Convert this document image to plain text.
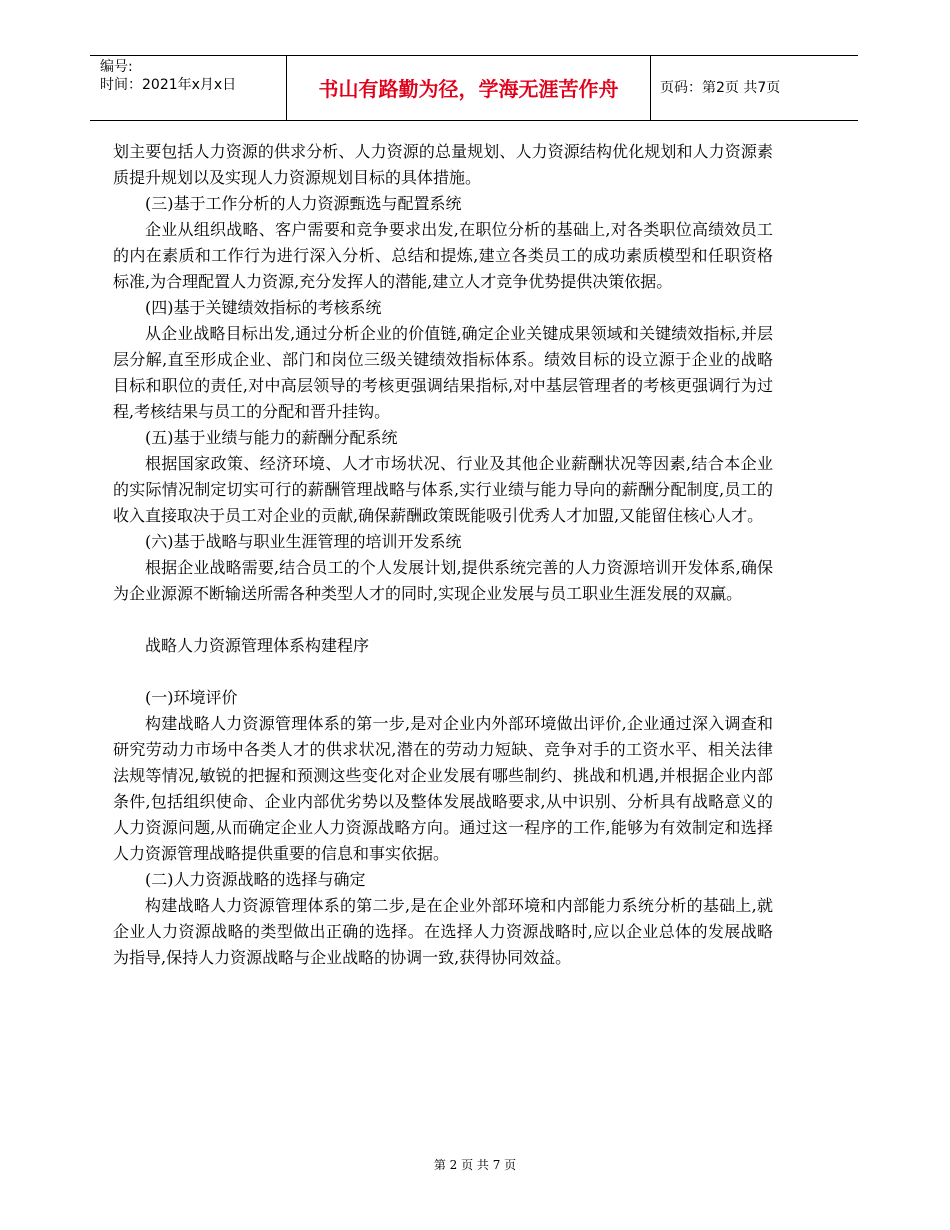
编号:
时间：2021年x月x日	书山有路勤为径，学海无涯苦作舟	页码：第2页 共7页

划主要包括人力资源的供求分析、人力资源的总量规划、人力资源结构优化规划和人力资源素质提升规划以及实现人力资源规划目标的具体措施。

(三)基于工作分析的人力资源甄选与配置系统

企业从组织战略、客户需要和竞争要求出发,在职位分析的基础上,对各类职位高绩效员工的内在素质和工作行为进行深入分析、总结和提炼,建立各类员工的成功素质模型和任职资格标准,为合理配置人力资源,充分发挥人的潜能,建立人才竞争优势提供决策依据。

(四)基于关键绩效指标的考核系统

从企业战略目标出发,通过分析企业的价值链,确定企业关键成果领域和关键绩效指标,并层层分解,直至形成企业、部门和岗位三级关键绩效指标体系。绩效目标的设立源于企业的战略目标和职位的责任,对中高层领导的考核更强调结果指标,对中基层管理者的考核更强调行为过程,考核结果与员工的分配和晋升挂钩。

(五)基于业绩与能力的薪酬分配系统

根据国家政策、经济环境、人才市场状况、行业及其他企业薪酬状况等因素,结合本企业的实际情况制定切实可行的薪酬管理战略与体系,实行业绩与能力导向的薪酬分配制度,员工的收入直接取决于员工对企业的贡献,确保薪酬政策既能吸引优秀人才加盟,又能留住核心人才。

(六)基于战略与职业生涯管理的培训开发系统

根据企业战略需要,结合员工的个人发展计划,提供系统完善的人力资源培训开发体系,确保为企业源源不断输送所需各种类型人才的同时,实现企业发展与员工职业生涯发展的双赢。

战略人力资源管理体系构建程序

(一)环境评价

构建战略人力资源管理体系的第一步,是对企业内外部环境做出评价,企业通过深入调查和研究劳动力市场中各类人才的供求状况,潜在的劳动力短缺、竞争对手的工资水平、相关法律法规等情况,敏锐的把握和预测这些变化对企业发展有哪些制约、挑战和机遇,并根据企业内部条件,包括组织使命、企业内部优劣势以及整体发展战略要求,从中识别、分析具有战略意义的人力资源问题,从而确定企业人力资源战略方向。通过这一程序的工作,能够为有效制定和选择人力资源管理战略提供重要的信息和事实依据。

(二)人力资源战略的选择与确定

构建战略人力资源管理体系的第二步,是在企业外部环境和内部能力系统分析的基础上,就企业人力资源战略的类型做出正确的选择。在选择人力资源战略时,应以企业总体的发展战略为指导,保持人力资源战略与企业战略的协调一致,获得协同效益。

第 2 页 共 7 页
